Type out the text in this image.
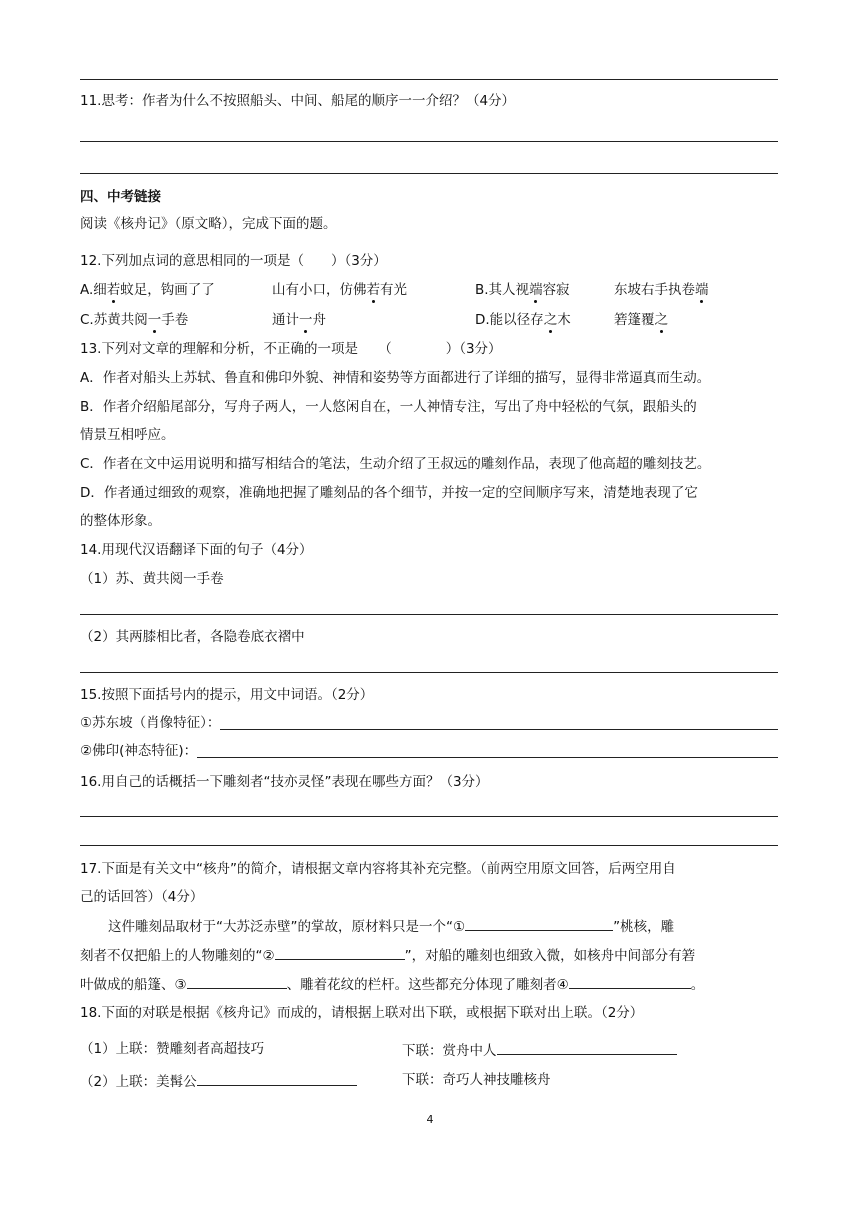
11.思考：作者为什么不按照船头、中间、船尾的顺序一一介绍？（4分）
四、中考链接
阅读《核舟记》（原文略），完成下面的题。
12.下列加点词的意思相同的一项是（　　）（3分）
A.细若蚊足，钩画了了	山有小口，仿佛若有光	B.其人视端容寂	东坡右手执卷端
C.苏黄共阅一手卷	通计一舟	D.能以径存之木	箬篷覆之
13.下列对文章的理解和分析，不正确的一项是　　（　　　　）（3分）
A．作者对船头上苏轼、鲁直和佛印外貌、神情和姿势等方面都进行了详细的描写，显得非常逼真而生动。
B．作者介绍船尾部分，写舟子两人，一人悠闲自在，一人神情专注，写出了舟中轻松的气氛，跟船头的
情景互相呼应。
C．作者在文中运用说明和描写相结合的笔法，生动介绍了王叔远的雕刻作品，表现了他高超的雕刻技艺。
D．作者通过细致的观察，准确地把握了雕刻品的各个细节，并按一定的空间顺序写来，清楚地表现了它
的整体形象。
14.用现代汉语翻译下面的句子（4分）
（1）苏、黄共阅一手卷
（2）其两膝相比者，各隐卷底衣褶中
15.按照下面括号内的提示，用文中词语。（2分）
①苏东坡（肖像特征）：
②佛印(神态特征)：
16.用自己的话概括一下雕刻者“技亦灵怪”表现在哪些方面？（3分）
17.下面是有关文中“核舟”的简介，请根据文章内容将其补充完整。（前两空用原文回答，后两空用自
己的话回答）（4分）
这件雕刻品取材于“大苏泛赤壁”的掌故，原材料只是一个“①	”桃核，雕
刻者不仅把船上的人物雕刻的“②	”，对船的雕刻也细致入微，如核舟中间部分有箬
叶做成的船篷、③	、雕着花纹的栏杆。这些都充分体现了雕刻者④	。
18.下面的对联是根据《核舟记》而成的，请根据上联对出下联，或根据下联对出上联。（2分）
（1）上联：赞雕刻者高超技巧	下联：赏舟中人
（2）上联：美髯公	下联：奇巧人神技雕核舟
4
